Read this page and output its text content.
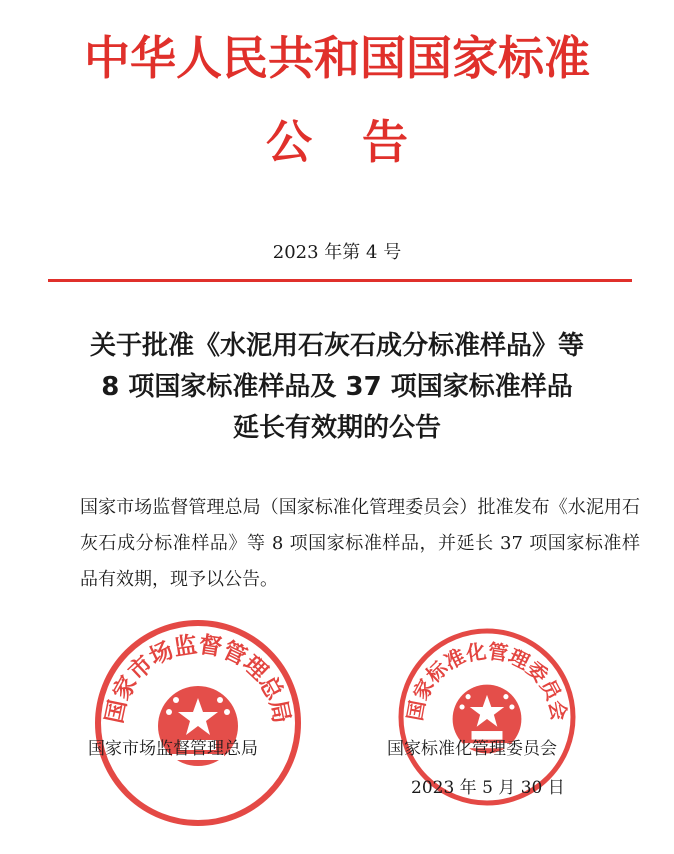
中华人民共和国国家标准
公告
2023 年第 4 号
关于批准《水泥用石灰石成分标准样品》等
8 项国家标准样品及 37 项国家标准样品
延长有效期的公告
国家市场监督管理总局（国家标准化管理委员会）批准发布《水泥用石灰石成分标准样品》等 8 项国家标准样品，并延长 37 项国家标准样品有效期，现予以公告。
国家市场监督管理总局	国家标准化管理委员会
国家市场监督管理总局	国家标准化管理委员会
2023 年 5 月 30 日
